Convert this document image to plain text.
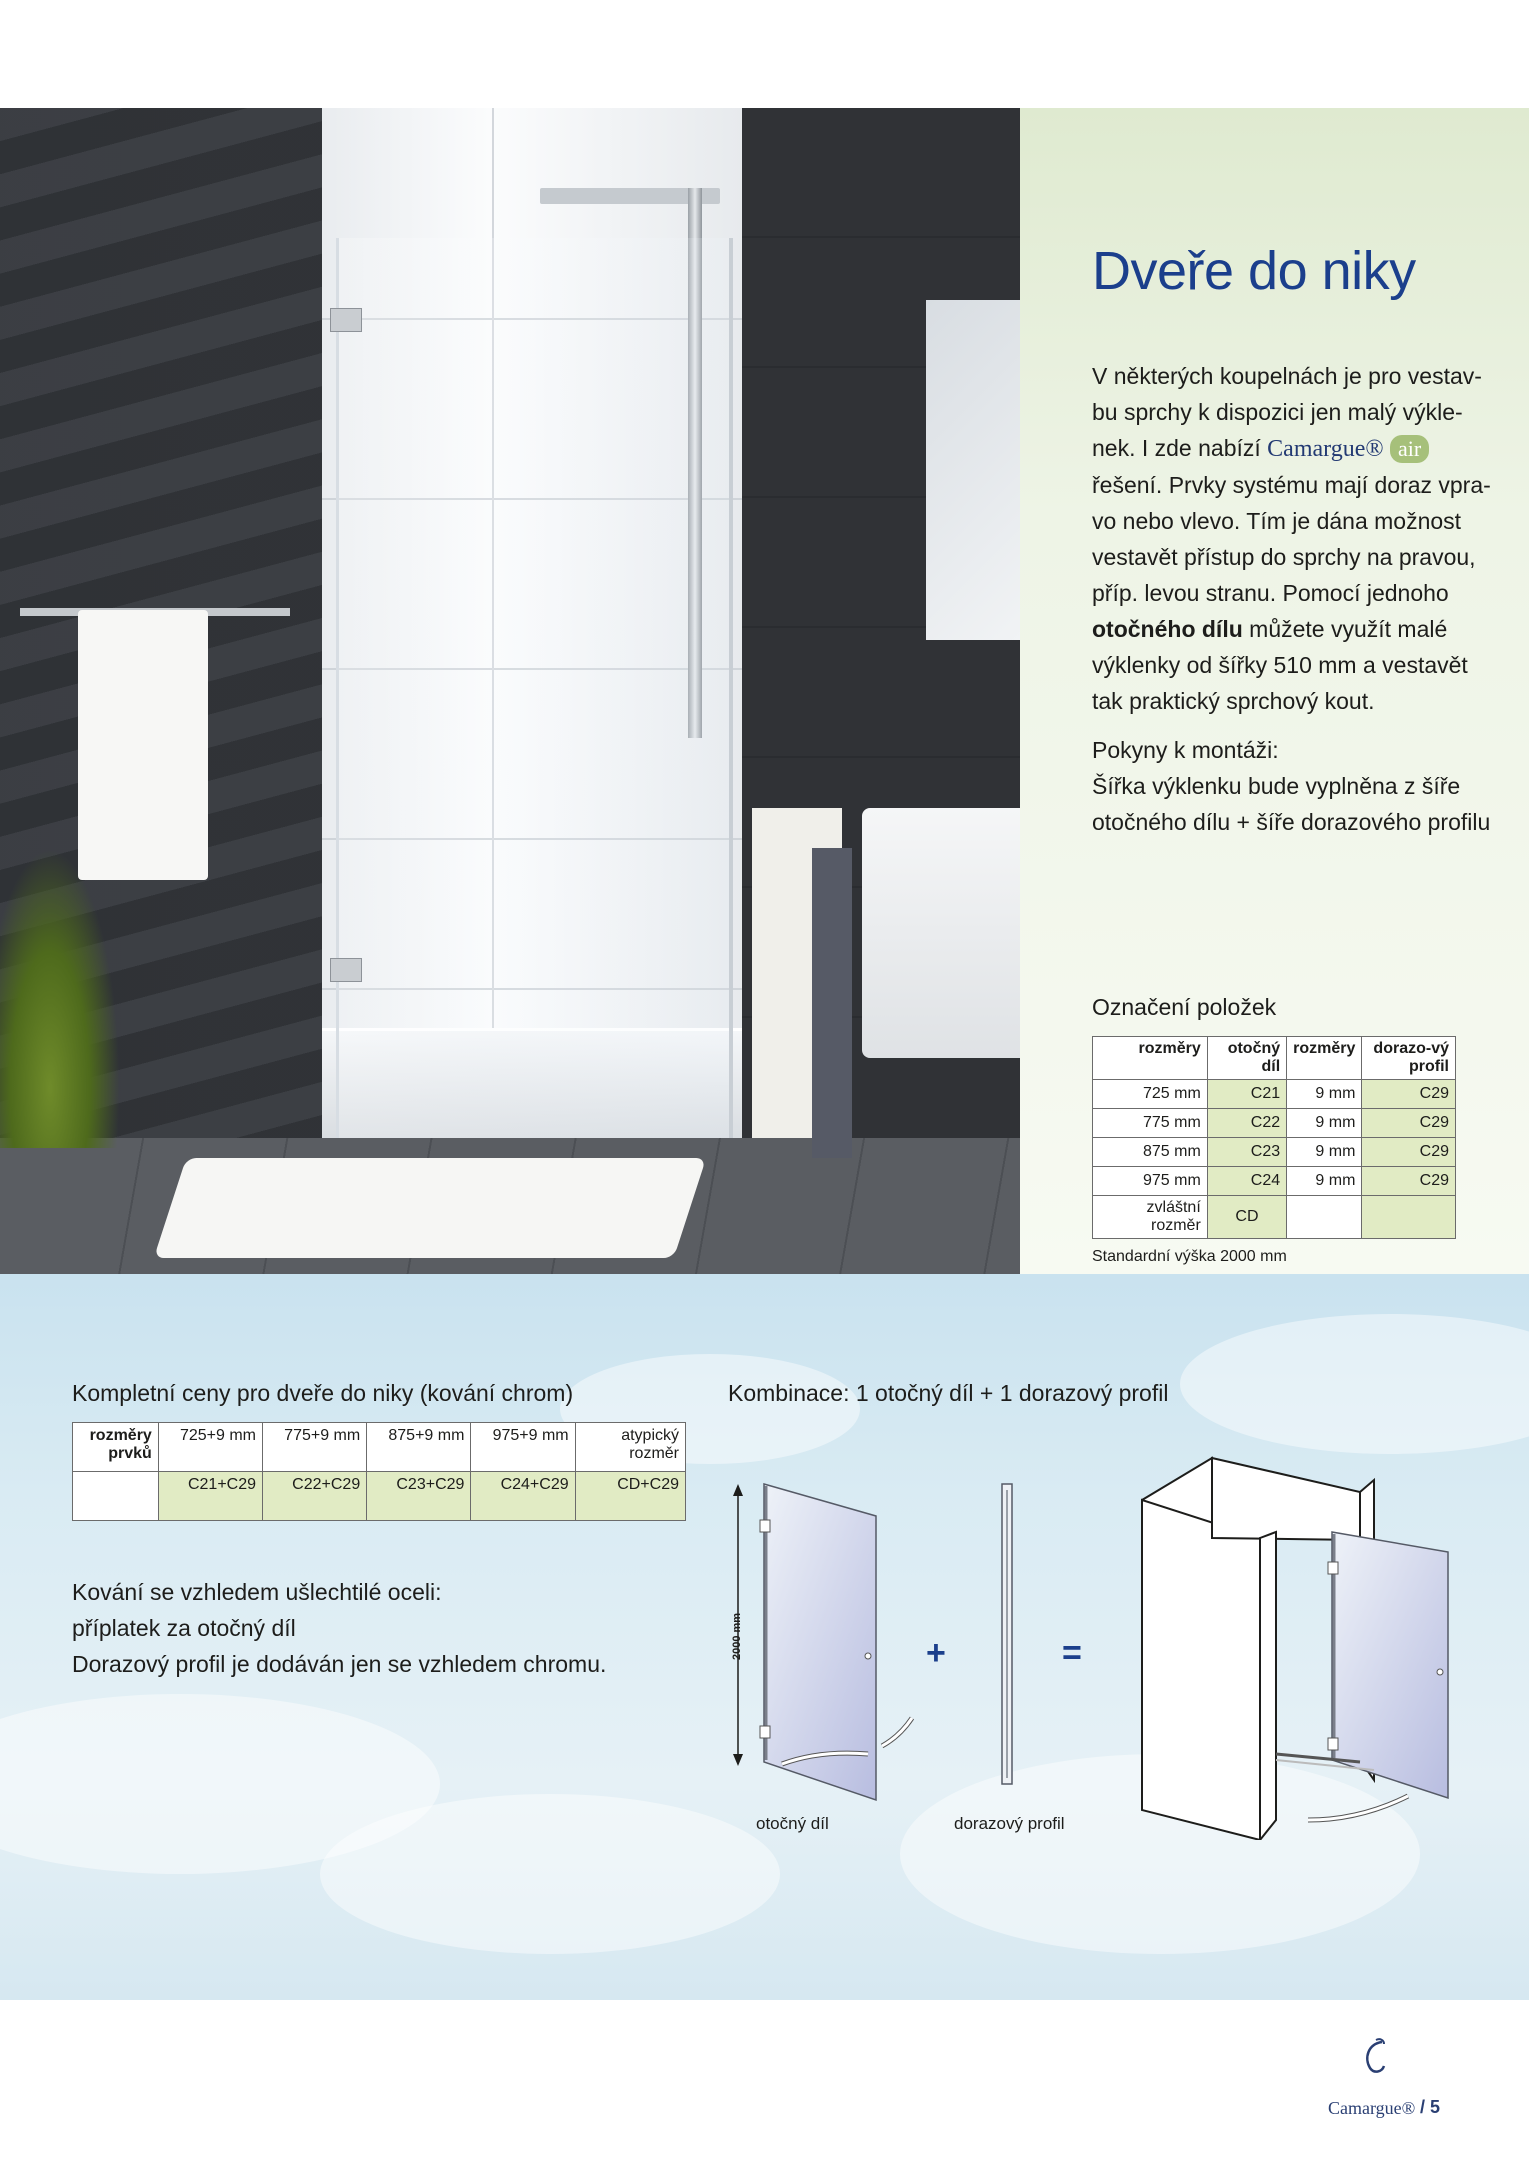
Dveře do niky
V některých koupelnách je pro vestav-bu sprchy k dispozici jen malý výkle-nek. I zde nabízí Camargue® air řešení. Prvky systému mají doraz vpra-vo nebo vlevo. Tím je dána možnost vestavět přístup do sprchy na pravou, příp. levou stranu. Pomocí jednoho otočného dílu můžete využít malé výklenky od šířky 510 mm a vestavět tak praktický sprchový kout.
Pokyny k montáži:
Šířka výklenku bude vyplněna z šíře otočného dílu + šíře dorazového profilu
Označení položek
rozměry	otočný díl	rozměry	dorazo-vý profil
725 mm	C21	9 mm	C29
775 mm	C22	9 mm	C29
875 mm	C23	9 mm	C29
975 mm	C24	9 mm	C29
zvláštní rozměr	CD		
Standardní výška 2000 mm
Kompletní ceny pro dveře do niky (kování chrom)
rozměry prvků	725+9 mm	775+9 mm	875+9 mm	975+9 mm	atypický rozměr
	C21+C29	C22+C29	C23+C29	C24+C29	CD+C29
Kování se vzhledem ušlechtilé oceli:
příplatek za otočný díl
Dorazový profil je dodáván jen se vzhledem chromu.
Kombinace: 1 otočný díl + 1 dorazový profil
2000 mm	+	=
otočný díl	dorazový profil
Camargue® / 5
